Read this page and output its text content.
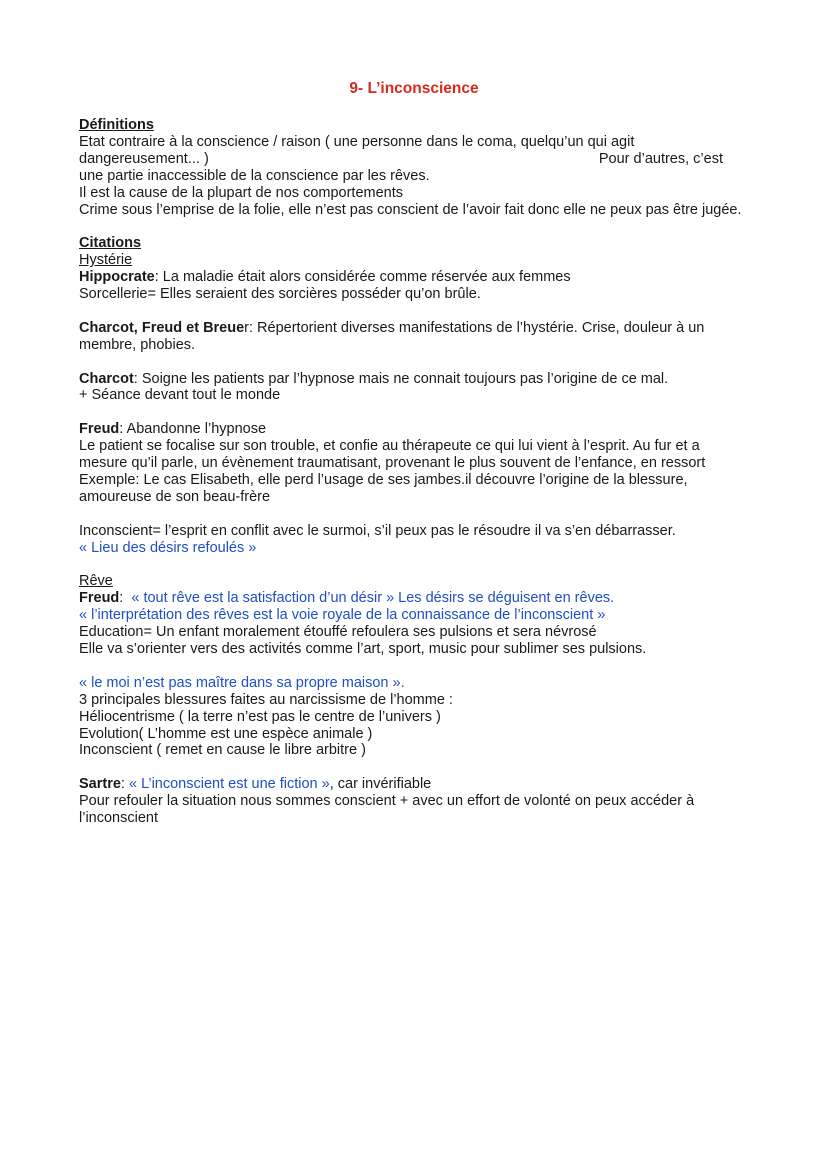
9- L’inconscience
Définitions
Etat contraire à la conscience / raison ( une personne dans le coma, quelqu’un qui agit
dangereusement... )	Pour d’autres, c’est
une partie inaccessible de la conscience par les rêves.
Il est la cause de la plupart de nos comportements
Crime sous l’emprise de la folie, elle n’est pas conscient de l’avoir fait donc elle ne peux pas être jugée.
Citations
Hystérie
Hippocrate: La maladie était alors considérée comme réservée aux femmes
Sorcellerie= Elles seraient des sorcières posséder qu’on brûle.
Charcot, Freud et Breuer: Répertorient diverses manifestations de l’hystérie. Crise, douleur à un membre, phobies.
Charcot: Soigne les patients par l’hypnose mais ne connait toujours pas l’origine de ce mal.
+ Séance devant tout le monde
Freud: Abandonne l’hypnose
Le patient se focalise sur son trouble, et confie au thérapeute ce qui lui vient à l’esprit. Au fur et a mesure qu’il parle, un évènement traumatisant, provenant le plus souvent de l’enfance, en ressort
Exemple: Le cas Elisabeth, elle perd l’usage de ses jambes.il découvre l’origine de la blessure, amoureuse de son beau-frère
Inconscient= l’esprit en conflit avec le surmoi, s’il peux pas le résoudre il va s’en débarrasser.
« Lieu des désirs refoulés »
Rêve
Freud: « tout rêve est la satisfaction d’un désir » Les désirs se déguisent en rêves.
« l’interprétation des rêves est la voie royale de la connaissance de l’inconscient »
Education= Un enfant moralement étouffé refoulera ses pulsions et sera névrosé
Elle va s’orienter vers des activités comme l’art, sport, music pour sublimer ses pulsions.
« le moi n’est pas maître dans sa propre maison ».
3 principales blessures faites au narcissisme de l’homme :
Héliocentrisme ( la terre n’est pas le centre de l’univers )
Evolution( L’homme est une espèce animale )
Inconscient ( remet en cause le libre arbitre )
Sartre: « L’inconscient est une fiction », car invérifiable
Pour refouler la situation nous sommes conscient + avec un effort de volonté on peux accéder à l’inconscient
